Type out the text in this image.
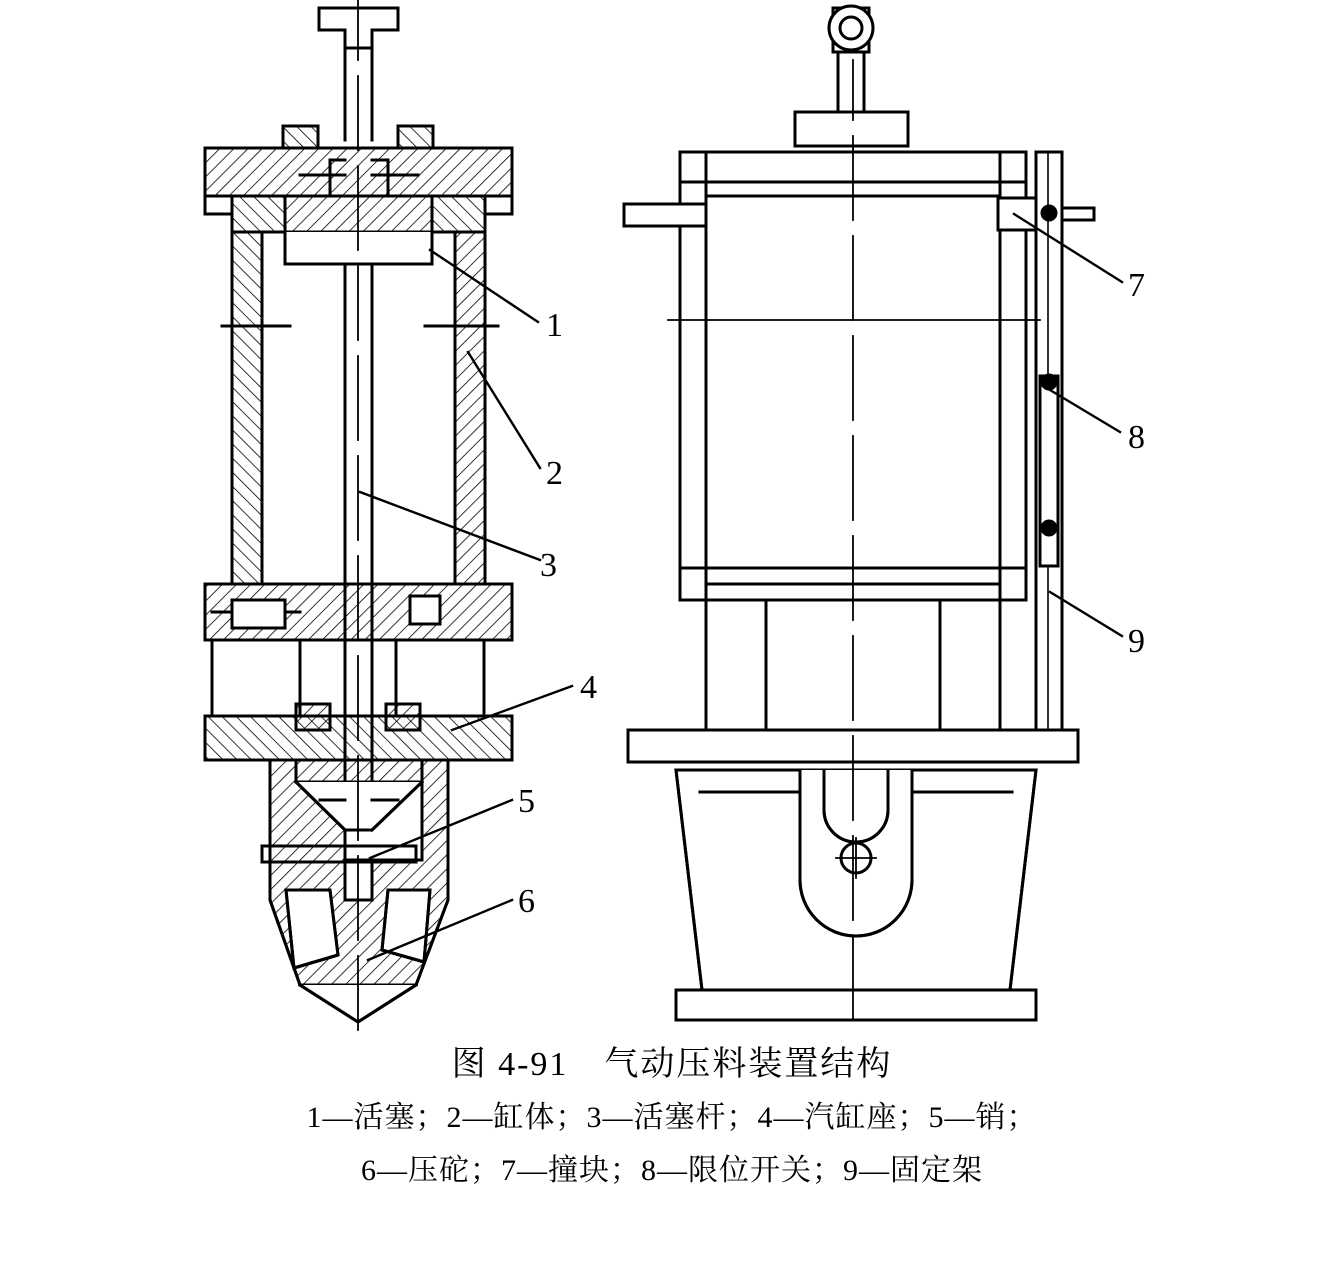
1
2
3
4
5
6
7
8
9
图 4-91　气动压料装置结构
1—活塞；2—缸体；3—活塞杆；4—汽缸座；5—销；
6—压砣；7—撞块；8—限位开关；9—固定架
